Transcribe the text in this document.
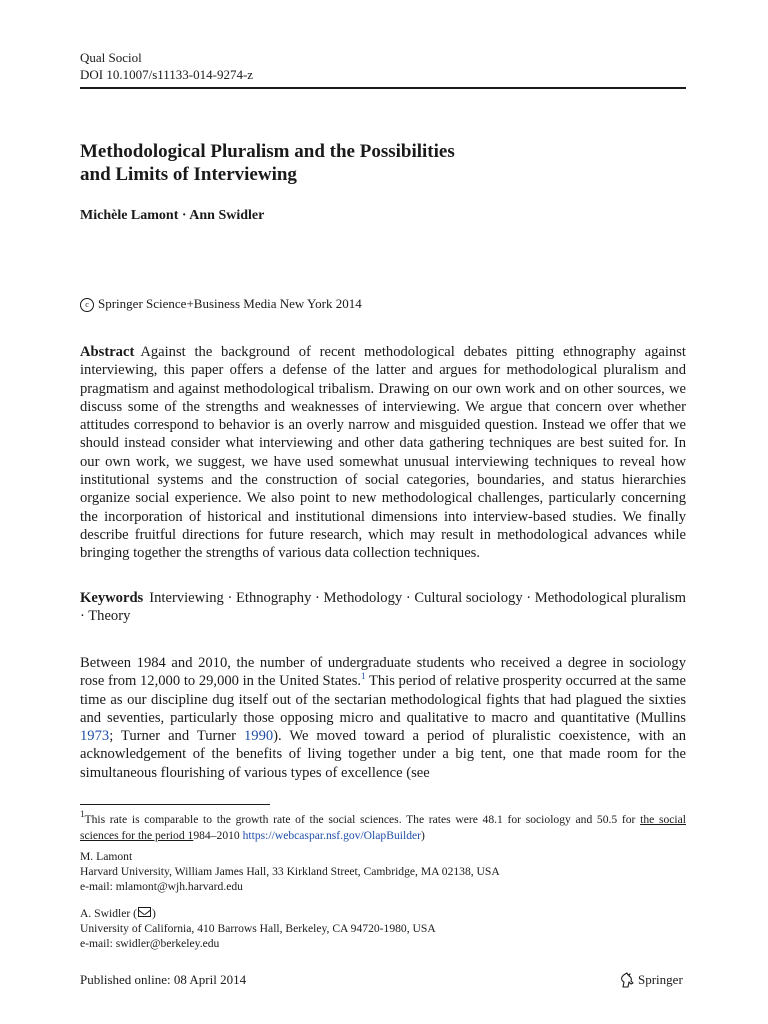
Qual Sociol
DOI 10.1007/s11133-014-9274-z
Methodological Pluralism and the Possibilities
and Limits of Interviewing
Michèle Lamont · Ann Swidler
c Springer Science+Business Media New York 2014

Abstract Against the background of recent methodological debates pitting ethnography against interviewing, this paper offers a defense of the latter and argues for methodological pluralism and pragmatism and against methodological tribalism. Drawing on our own work and on other sources, we discuss some of the strengths and weaknesses of interviewing. We argue that concern over whether attitudes correspond to behavior is an overly narrow and misguided question. Instead we offer that we should instead consider what interviewing and other data gathering techniques are best suited for. In our own work, we suggest, we have used somewhat unusual interviewing techniques to reveal how institutional systems and the construction of social categories, boundaries, and status hierarchies organize social experience. We also point to new methodological challenges, particularly concerning the incorporation of historical and institutional dimensions into interview-based studies. We finally describe fruitful directions for future research, which may result in methodological advances while bringing together the strengths of various data collection techniques.

Keywords Interviewing · Ethnography · Methodology · Cultural sociology · Methodological pluralism · Theory

Between 1984 and 2010, the number of undergraduate students who received a degree in sociology rose from 12,000 to 29,000 in the United States.$^1$ This period of relative prosperity occurred at the same time as our discipline dug itself out of the sectarian methodological fights that had plagued the sixties and seventies, particularly those opposing micro and qualitative to macro and quantitative (Mullins 1973; Turner and Turner 1990). We moved toward a period of pluralistic coexistence, with an acknowledgement of the benefits of living together under a big tent, one that made room for the simultaneous flourishing of various types of excellence (see

$^1$This rate is comparable to the growth rate of the social sciences. The rates were 48.1 for sociology and 50.5 for the social sciences for the period 1984–2010 https://webcaspar.nsf.gov/OlapBuilder)
M. Lamont
Harvard University, William James Hall, 33 Kirkland Street, Cambridge, MA 02138, USA
e-mail: mlamont@wjh.harvard.edu
A. Swidler ( )
University of California, 410 Barrows Hall, Berkeley, CA 94720-1980, USA
e-mail: swidler@berkeley.edu
Published online: 08 April 2014	Springer
